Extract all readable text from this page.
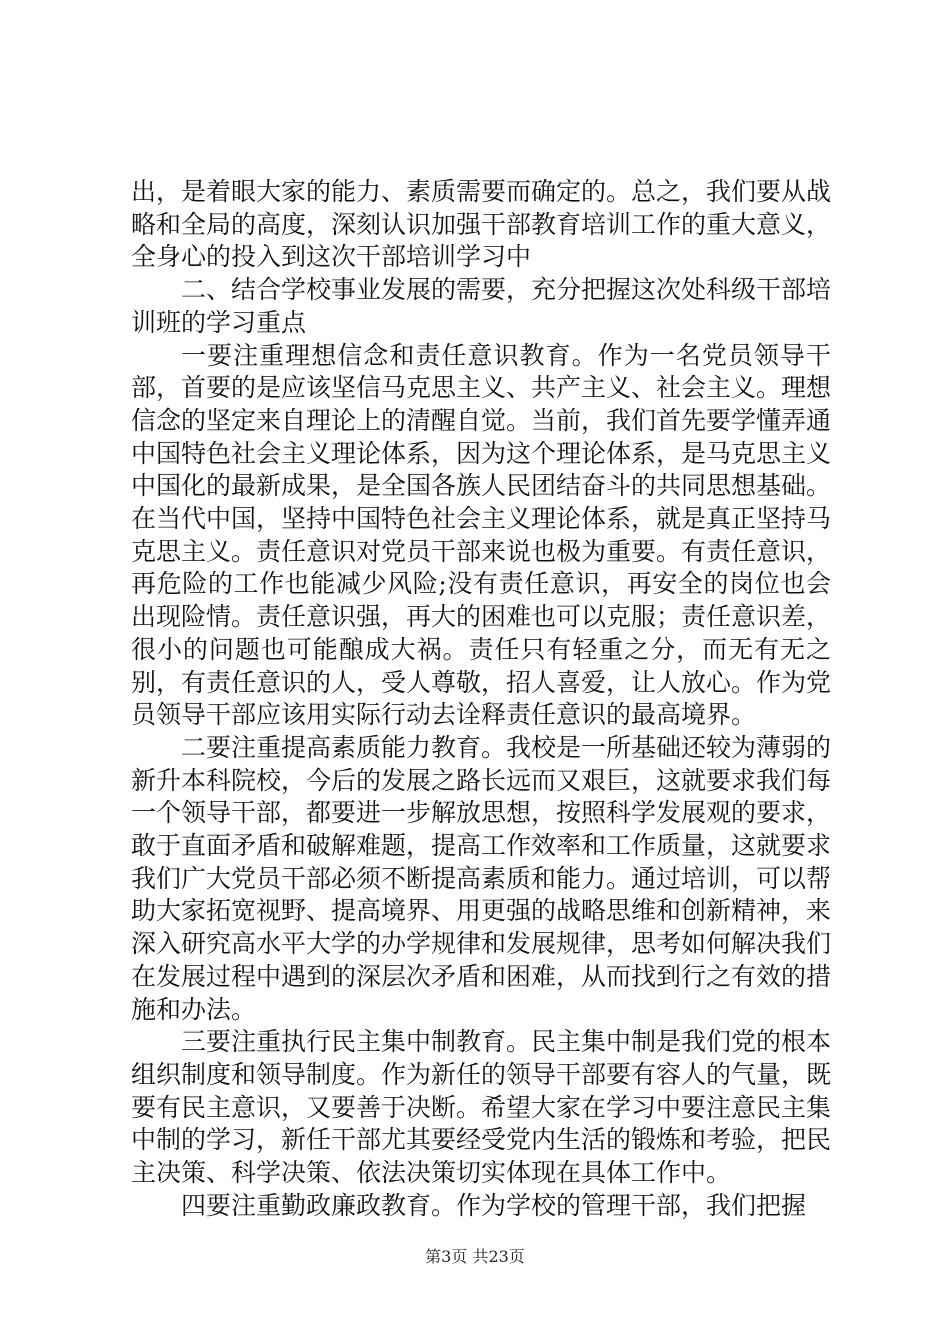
出，是着眼大家的能力、素质需要而确定的。总之，我们要从战略和全局的高度，深刻认识加强干部教育培训工作的重大意义，全身心的投入到这次干部培训学习中

二、结合学校事业发展的需要，充分把握这次处科级干部培训班的学习重点

一要注重理想信念和责任意识教育。作为一名党员领导干部，首要的是应该坚信马克思主义、共产主义、社会主义。理想信念的坚定来自理论上的清醒自觉。当前，我们首先要学懂弄通中国特色社会主义理论体系，因为这个理论体系，是马克思主义中国化的最新成果，是全国各族人民团结奋斗的共同思想基础。在当代中国，坚持中国特色社会主义理论体系，就是真正坚持马克思主义。责任意识对党员干部来说也极为重要。有责任意识，再危险的工作也能减少风险;没有责任意识，再安全的岗位也会出现险情。责任意识强，再大的困难也可以克服；责任意识差，很小的问题也可能酿成大祸。责任只有轻重之分，而无有无之别，有责任意识的人，受人尊敬，招人喜爱，让人放心。作为党员领导干部应该用实际行动去诠释责任意识的最高境界。

二要注重提高素质能力教育。我校是一所基础还较为薄弱的新升本科院校，今后的发展之路长远而又艰巨，这就要求我们每一个领导干部，都要进一步解放思想，按照科学发展观的要求，敢于直面矛盾和破解难题，提高工作效率和工作质量，这就要求我们广大党员干部必须不断提高素质和能力。通过培训，可以帮助大家拓宽视野、提高境界、用更强的战略思维和创新精神，来深入研究高水平大学的办学规律和发展规律，思考如何解决我们在发展过程中遇到的深层次矛盾和困难，从而找到行之有效的措施和办法。

三要注重执行民主集中制教育。民主集中制是我们党的根本组织制度和领导制度。作为新任的领导干部要有容人的气量，既要有民主意识，又要善于决断。希望大家在学习中要注意民主集中制的学习，新任干部尤其要经受党内生活的锻炼和考验，把民主决策、科学决策、依法决策切实体现在具体工作中。

四要注重勤政廉政教育。作为学校的管理干部，我们把握

第3页 共23页
